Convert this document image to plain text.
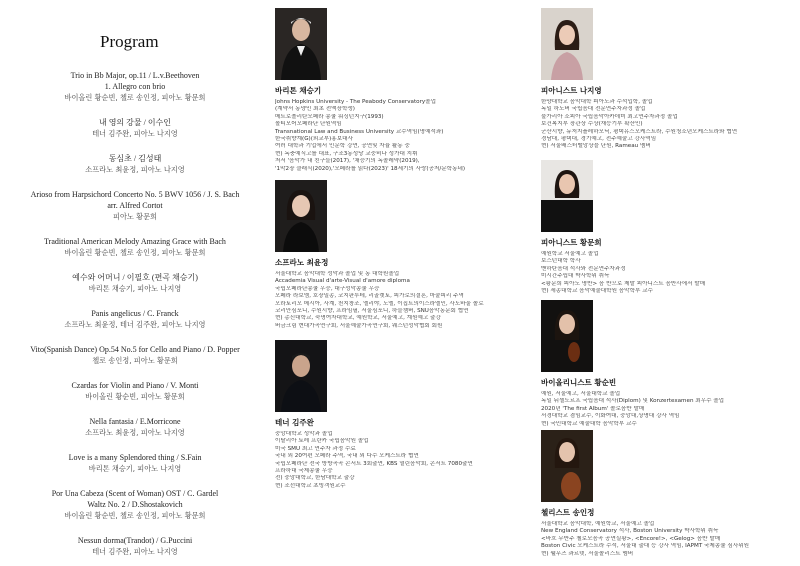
Program
Trio in Bb Major, op.11 / L.v.Beethoven
1. Allegro con brio
바이올린 황순빈, 첼로 송인정, 피아노 황문희
내 영의 강물 / 이수인
테너 김주완, 피아노 나지영
동심초 / 김성태
소프라노 최윤정, 피아노 나지영
Arioso from Harpsichord Concerto No. 5 BWV 1056 / J. S. Bach
arr. Alfred Cortot
피아노 황문희
Traditional American Melody Amazing Grace with Bach
바이올린 황순빈, 첼로 송인정, 피아노 황문희
예수와 어머니 / 이필호 (편곡 채승기)
바리톤 채승기, 피아노 나지영
Panis angelicus / C. Franck
소프라노 최윤정, 테너 김주완, 피아노 나지영
Vito(Spanish Dance) Op.54 No.5 for Cello and Piano / D. Popper
첼로 송인정, 피아노 황문희
Czardas for Violin and Piano / V. Monti
바이올린 황순빈, 피아노 황문희
Nella fantasia / E.Morricone
소프라노 최윤정, 피아노 나지영
Love is a many Splendored thing / S.Fain
바리톤 채승기, 피아노 나지영
Por Una Cabeza (Scent of Woman) OST / C. Gardel
Waltz No. 2 / D.Shostakovich
바이올린 황순빈, 첼로 송인정, 피아노 황문희
Nessun dorma(Trandot) / G.Puccini
테너 김주완, 피아노 나지영
바리톤 채승기
Johns Hopkins University - The Peabody Conservatory졸업
(계약서 동양인 최초 전액장학생)
메트로폴리탄오페라 콩쿨 워싱턴지구(1993)
볼티모어오페라단 단원역임
Transnational Law and Business University 교수역임(명예석좌)
한국취향계(G)(외교부)홍보대사
여러 대학과 기업에서 인문학 강연, 공연및 자율 활동 중
현) 독충예식고를 대표, 구조3동성당 교중비나 성가대 지휘
저서 '음악가 내 친구들(2017), '채승기의 독졸레약(2019),
'1막2장 클래식(2020),'오페라를 읽다(2023)' 18세기의 사랑(공저/문학동네)
소프라노 최윤정
서울대학교 음악대학 성악과 졸업 및 동 대학원졸업
Accademia Visual d'arte-Visual d'amore diploma
국립오페라단콩쿨 우승, 대구성악콩쿨 우승
오페라 라보엠, 호장밀종, 코지판투테, 리골렛토, 피가로의결혼, 마술피리 주역
오라토리오 메시아, 사계, 천지창조, 엘리야, 노엘, 이집트의이스라엘인, 사도바울 솔로
코리안심포니, 수원시향, 프라임필, 서울심포니, 하늘챔버, SNU음악동문회 협연
현) 총신대학교, 숙명여자대학교, 예원학교, 서울예고, 계원예고 출강
버금크림 현대가곡연구회, 서울예술가곡연구회, 웨스턴성악협회 회원
테너 김주완
중앙대학교 성악과 졸업
이탈리아 토레 프란카 국립음악원 졸업
미국 SMU 최고 연주자 과정 수료
국내 외 20여편 오페라 주역, 국내 외 다수 오케스트라 협연
국립오페라단 전국 방방곡곡 콘서트 3회출연, KBS 열린음악회, 콘서트 7080출연
프라하대 국제콩쿨 우승
전) 중앙대학교, 한남대학교 출강
현) 조선대학교 초빙객원교수
피아니스트 나지영
한양대학교 음악대학 피아노과 수석입학, 졸업
독일 하노버 국립음대 전문연주자과정 졸업
불가리아 소피아 국립음악아카데미 최고연주자과정 졸업
보건복지부 장관상 수상(재능기부 확산인)
군산시향, 뉴저지플레하모닉, 평택유스오케스트라, 수원청소년오케스트라와 협연
경남대, 평택대, 경기예고, 전주예술고 강사역임
현) 서울배스터밸앙상블 단원, Rameau 멤버
피아니스트 황문희
예원학교 서울예고 졸업
보스턴대학 학사
맨하탄음대 석사와 전문연주자과정
미시간주립대 박사학위 취득
<황문희 피아노 명반> 음 반으로 제발 피아니스트 음반사에서 발매
현) 세종대학교 음악예술대학원 음악학부 교수
바이올리니스트 황순빈
예원, 서울예고, 서울대학교 졸업
독일 뒤셀도르프 국립음대 석사(Diplom) 및 Konzertexamen 최우수 졸업
2020년 'The first Album' 솔로음반 발매
서경대학교 겸임교수, 이화여대, 중앙대,상명대 강사 역임
현) 국민대학교 예술대학 음악학부 교수
첼리스트 송인정
서울대학교 음악대학, 예원학교, 서울예고 졸업
New England Conservatory 석사, Boston University 박사학위 취득
<바흐 무반주 첼로모음곡 공연실황>, <Encore!>, <Gelog> 음반 발매
Boston Civic 오케스트라 수석, 서울대 출대 등 강사 역임, IAPMT 국제콩쿨 심사위원
현) 웰무즈 콰르텟, 서울솔리스트 멤버
